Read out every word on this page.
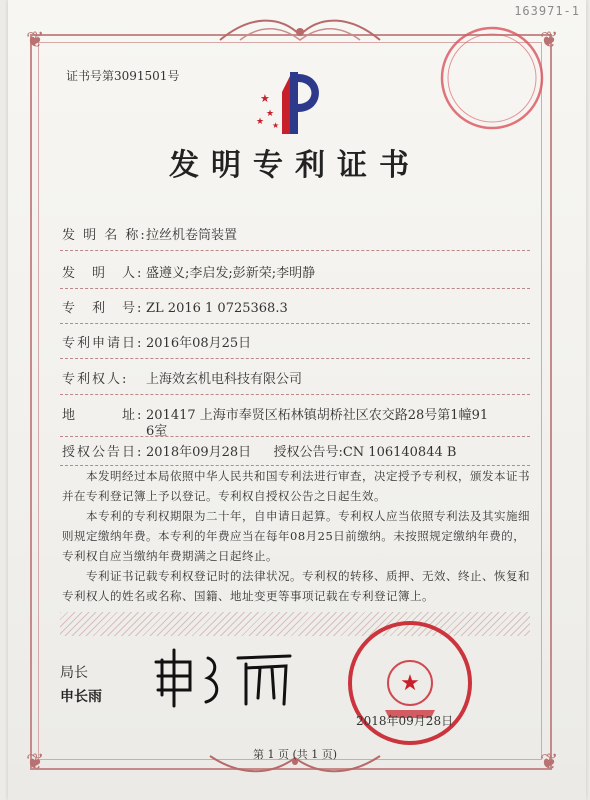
163971-1
❦	❦
❦	❦
证书号第3091501号
★
★
★ ★
发明专利证书
发 明 名 称:拉丝机卷筒装置
发　明　人: 盛遵义;李启发;彭新荣;李明静
专　利　号: ZL 2016 1 0725368.3
专利申请日: 2016年08月25日
专利权人: 上海效玄机电科技有限公司
地　　　址: 201417 上海市奉贤区柘林镇胡桥社区农交路28号第1幢91
6室
授权公告日: 2018年09月28日 授权公告号:CN 106140844 B
本发明经过本局依照中华人民共和国专利法进行审查，决定授予专利权，颁发本证书并在专利登记簿上予以登记。专利权自授权公告之日起生效。
本专利的专利权期限为二十年，自申请日起算。专利权人应当依照专利法及其实施细则规定缴纳年费。本专利的年费应当在每年08月25日前缴纳。未按照规定缴纳年费的，专利权自应当缴纳年费期满之日起终止。
专利证书记载专利权登记时的法律状况。专利权的转移、质押、无效、终止、恢复和专利权人的姓名或名称、国籍、地址变更等事项记载在专利登记簿上。
局长
申长雨
★
2018年09月28日
第 1 页 (共 1 页)
